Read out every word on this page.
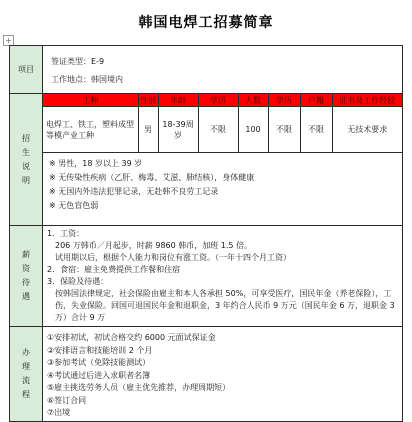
韩国电焊工招募简章
+
项目	
签证类型：E-9
工作地点：韩国境内

招生说明	
工种	性别	年龄	学历	人数	学历	户籍	证书及工作经验
电焊工、铁工，塑料成型等模产业工种	男	18-39周岁	不限	100	不限	不限	无技术要求

※ 男性，18 岁以上 39 岁
※ 无传染性疾病（乙肝、梅毒、艾滋、肺结核），身体健康
※ 无国内外违法犯罪记录，无赴韩不良劳工记录
※ 无色盲色弱

薪资待遇	
1．工资：
206 万韩币／月起步，时薪 9860 韩币，加班 1.5 倍。
试用期以后，根据个人能力和岗位有涨工资。（一年十四个月工资）
2．食宿：雇主免费提供工作餐和住宿
3．保险及待遇：
按韩国法律规定，社会保险由雇主和本人各承担 50%，可享受医疗，国民年金（养老保险），工伤，失业保险。回国可退国民年金和退职金，3 年约合人民币 9 万元（国民年金 6 万，退职金 3 万）合计 9 万

办理流程	
①安排初试，初试合格交约 6000 元面试保证金
②安排语言和技能培训 2 个月
③参加考试（免除技能测试）
④考试通过后进入求职者名簿
⑤雇主挑选劳务人员（雇主优先推荐，办理周期短）
⑥签订合同
⑦出境
